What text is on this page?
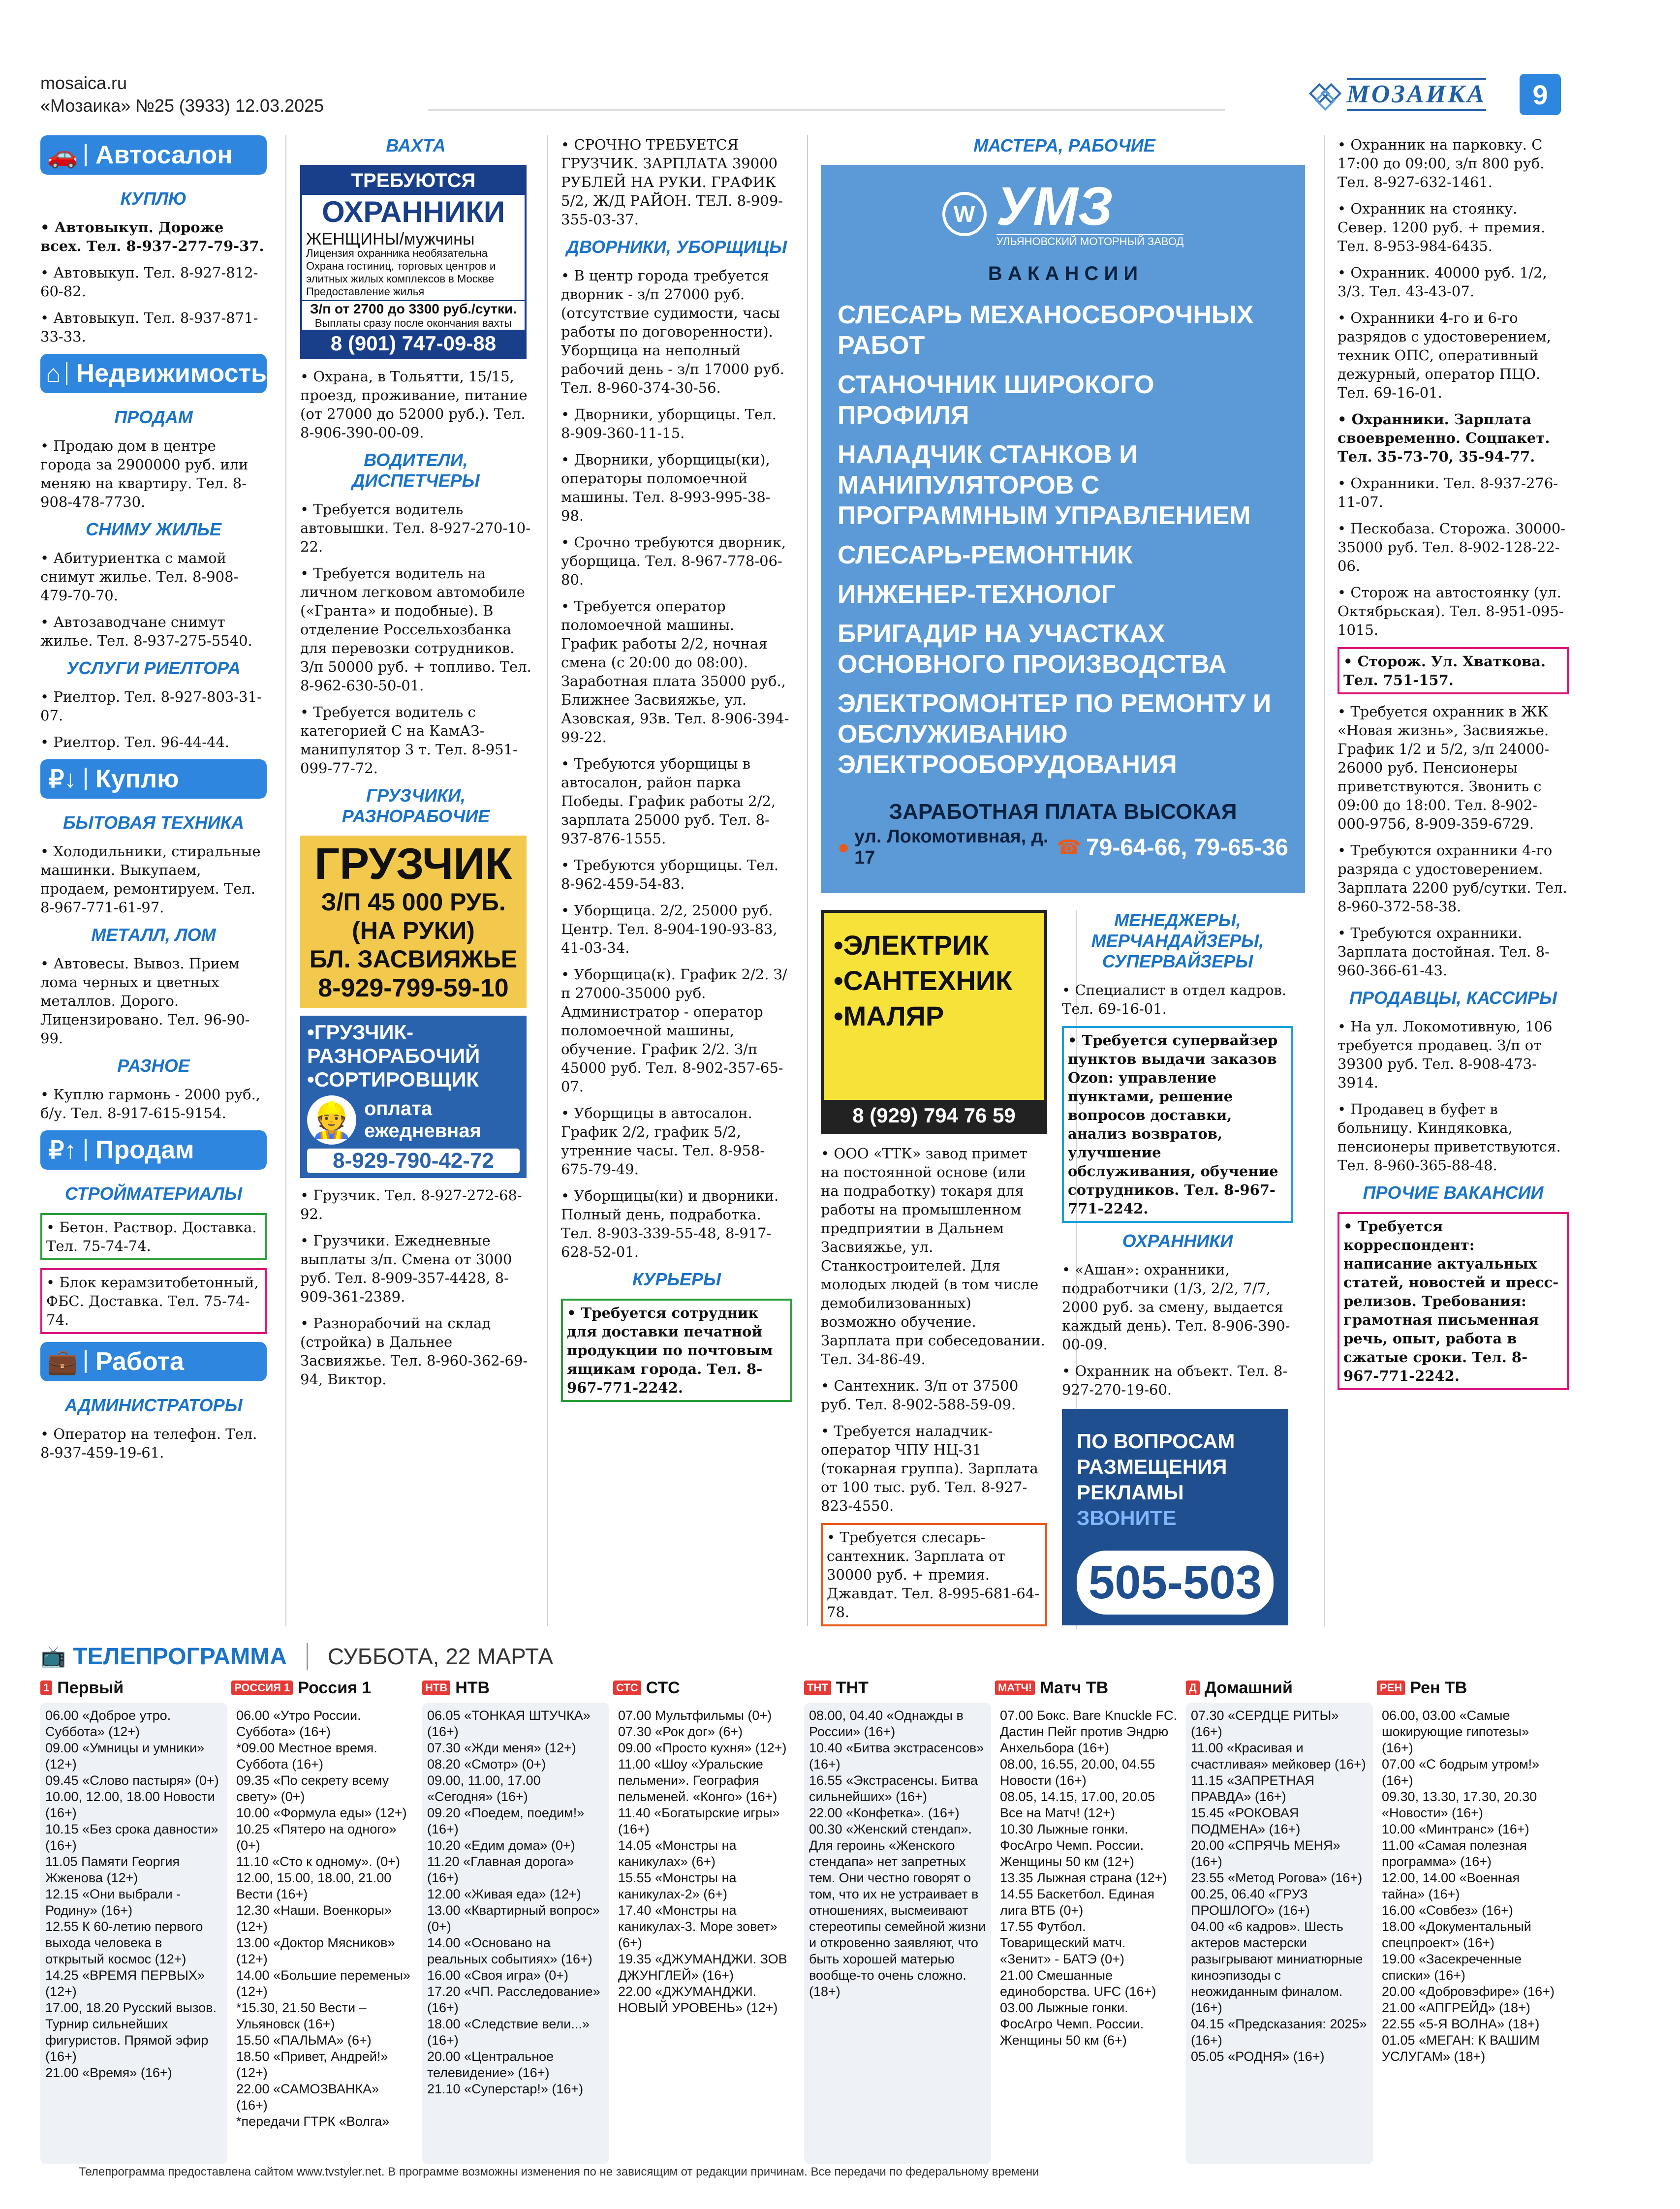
mosaica.ru
«Мозаика» №25 (3933) 12.03.2025	МОЗАИКА	9
🚗 Автосалон
КУПЛЮ
• Автовыкуп. Дороже всех. Тел. 8-937-277-79-37.
• Автовыкуп. Тел. 8-927-812-60-82.
• Автовыкуп. Тел. 8-937-871-33-33.
⌂ Недвижимость
ПРОДАМ
• Продаю дом в центре города за 2900000 руб. или меняю на квартиру. Тел. 8-908-478-7730.
СНИМУ ЖИЛЬЕ
• Абитуриентка с мамой снимут жилье. Тел. 8-908-479-70-70.
• Автозаводчане снимут жилье. Тел. 8-937-275-5540.
УСЛУГИ РИЕЛТОРА
• Риелтор. Тел. 8-927-803-31-07.
• Риелтор. Тел. 96-44-44.
₽↓ Куплю
БЫТОВАЯ ТЕХНИКА
• Холодильники, стиральные машинки. Выкупаем, продаем, ремонтируем. Тел. 8-967-771-61-97.
МЕТАЛЛ, ЛОМ
• Автовесы. Вывоз. Прием лома черных и цветных металлов. Дорого. Лицензировано. Тел. 96-90-99.
РАЗНОЕ
• Куплю гармонь - 2000 руб., б/у. Тел. 8-917-615-9154.
₽↑ Продам
СТРОЙМАТЕРИАЛЫ
• Бетон. Раствор. Доставка. Тел. 75-74-74.
• Блок керамзитобетонный, ФБС. Доставка. Тел. 75-74-74.
💼 Работа
АДМИНИСТРАТОРЫ
• Оператор на телефон. Тел. 8-937-459-19-61.
ВАХТА
ТРЕБУЮТСЯ
ОХРАННИКИ
ЖЕНЩИНЫ/мужчины
Лицензия охранника необязательна
Охрана гостиниц, торговых центров и элитных жилых комплексов в Москве
Предоставление жилья
З/п от 2700 до 3300 руб./сутки.
Выплаты сразу после окончания вахты
8 (901) 747-09-88
• Охрана, в Тольятти, 15/15, проезд, проживание, питание (от 27000 до 52000 руб.). Тел. 8-906-390-00-09.
ВОДИТЕЛИ, ДИСПЕТЧЕРЫ
• Требуется водитель автовышки. Тел. 8-927-270-10-22.
• Требуется водитель на личном легковом автомобиле («Гранта» и подобные). В отделение Россельхозбанка для перевозки сотрудников. З/п 50000 руб. + топливо. Тел. 8-962-630-50-01.
• Требуется водитель с категорией С на КамАЗ-манипулятор 3 т. Тел. 8-951-099-77-72.
ГРУЗЧИКИ, РАЗНОРАБОЧИЕ
ГРУЗЧИК
З/П 45 000 РУБ.
(НА РУКИ)
БЛ. ЗАСВИЯЖЬЕ
8-929-799-59-10
•ГРУЗЧИК-
РАЗНОРАБОЧИЙ
•СОРТИРОВЩИК
👷 оплата
ежедневная
8-929-790-42-72
• Грузчик. Тел. 8-927-272-68-92.
• Грузчики. Ежедневные выплаты з/п. Смена от 3000 руб. Тел. 8-909-357-4428, 8-909-361-2389.
• Разнорабочий на склад (стройка) в Дальнее Засвияжье. Тел. 8-960-362-69-94, Виктор.
• СРОЧНО ТРЕБУЕТСЯ ГРУЗЧИК. ЗАРПЛАТА 39000 РУБЛЕЙ НА РУКИ. ГРАФИК 5/2, Ж/Д РАЙОН. ТЕЛ. 8-909-355-03-37.
ДВОРНИКИ, УБОРЩИЦЫ
• В центр города требуется дворник - з/п 27000 руб. (отсутствие судимости, часы работы по договоренности). Уборщица на неполный рабочий день - з/п 17000 руб. Тел. 8-960-374-30-56.
• Дворники, уборщицы. Тел. 8-909-360-11-15.
• Дворники, уборщицы(ки), операторы поломоечной машины. Тел. 8-993-995-38-98.
• Срочно требуются дворник, уборщица. Тел. 8-967-778-06-80.
• Требуется оператор поломоечной машины. График работы 2/2, ночная смена (с 20:00 до 08:00). Заработная плата 35000 руб., Ближнее Засвияжье, ул. Азовская, 93в. Тел. 8-906-394-99-22.
• Требуются уборщицы в автосалон, район парка Победы. График работы 2/2, зарплата 25000 руб. Тел. 8-937-876-1555.
• Требуются уборщицы. Тел. 8-962-459-54-83.
• Уборщица. 2/2, 25000 руб. Центр. Тел. 8-904-190-93-83, 41-03-34.
• Уборщица(к). График 2/2. З/п 27000-35000 руб. Администратор - оператор поломоечной машины, обучение. График 2/2. З/п 45000 руб. Тел. 8-902-357-65-07.
• Уборщицы в автосалон. График 2/2, график 5/2, утренние часы. Тел. 8-958-675-79-49.
• Уборщицы(ки) и дворники. Полный день, подработка. Тел. 8-903-339-55-48, 8-917-628-52-01.
КУРЬЕРЫ
• Требуется сотрудник для доставки печатной продукции по почтовым ящикам города. Тел. 8-967-771-2242.
МАСТЕРА, РАБОЧИЕ
W УМЗ
УЛЬЯНОВСКИЙ МОТОРНЫЙ ЗАВОД
В А К А Н С И И
СЛЕСАРЬ МЕХАНОСБОРОЧНЫХ РАБОТ
СТАНОЧНИК ШИРОКОГО ПРОФИЛЯ
НАЛАДЧИК СТАНКОВ И МАНИПУЛЯТОРОВ С ПРОГРАММНЫМ УПРАВЛЕНИЕМ
СЛЕСАРЬ-РЕМОНТНИК
ИНЖЕНЕР-ТЕХНОЛОГ
БРИГАДИР НА УЧАСТКАХ ОСНОВНОГО ПРОИЗВОДСТВА
ЭЛЕКТРОМОНТЕР ПО РЕМОНТУ И ОБСЛУЖИВАНИЮ ЭЛЕКТРООБОРУДОВАНИЯ
ЗАРАБОТНАЯ ПЛАТА ВЫСОКАЯ
● ул. Локомотивная, д. 17	☎ 79-64-66, 79-65-36
•ЭЛЕКТРИК
•САНТЕХНИК
•МАЛЯР
8 (929) 794 76 59
• ООО «ТТК» завод примет на постоянной основе (или на подработку) токаря для работы на промышленном предприятии в Дальнем Засвияжье, ул. Станкостроителей. Для молодых людей (в том числе демобилизованных) возможно обучение. Зарплата при собеседовании. Тел. 34-86-49.
• Сантехник. З/п от 37500 руб. Тел. 8-902-588-59-09.
• Требуется наладчик-оператор ЧПУ НЦ-31 (токарная группа). Зарплата от 100 тыс. руб. Тел. 8-927-823-4550.
• Требуется слесарь-сантехник. Зарплата от 30000 руб. + премия. Джавдат. Тел. 8-995-681-64-78.
МЕНЕДЖЕРЫ, МЕРЧАНДАЙЗЕРЫ, СУПЕРВАЙЗЕРЫ
• Специалист в отдел кадров. Тел. 69-16-01.
• Требуется супервайзер пунктов выдачи заказов Ozon: управление пунктами, решение вопросов доставки, анализ возвратов, улучшение обслуживания, обучение сотрудников. Тел. 8-967-771-2242.
ОХРАННИКИ
• «Ашан»: охранники, подработчики (1/3, 2/2, 7/7, 2000 руб. за смену, выдается каждый день). Тел. 8-906-390-00-09.
• Охранник на объект. Тел. 8-927-270-19-60.
ПО ВОПРОСАМ
РАЗМЕЩЕНИЯ
РЕКЛАМЫ ЗВОНИТЕ
505-503
• Охранник на парковку. С 17:00 до 09:00, з/п 800 руб. Тел. 8-927-632-1461.
• Охранник на стоянку. Север. 1200 руб. + премия. Тел. 8-953-984-6435.
• Охранник. 40000 руб. 1/2, 3/3. Тел. 43-43-07.
• Охранники 4-го и 6-го разрядов с удостоверением, техник ОПС, оперативный дежурный, оператор ПЦО. Тел. 69-16-01.
• Охранники. Зарплата своевременно. Соцпакет. Тел. 35-73-70, 35-94-77.
• Охранники. Тел. 8-937-276-11-07.
• Пескобаза. Сторожа. 30000-35000 руб. Тел. 8-902-128-22-06.
• Сторож на автостоянку (ул. Октябрьская). Тел. 8-951-095-1015.
• Сторож. Ул. Хваткова. Тел. 751-157.
• Требуется охранник в ЖК «Новая жизнь», Засвияжье. График 1/2 и 5/2, з/п 24000-26000 руб. Пенсионеры приветствуются. Звонить с 09:00 до 18:00. Тел. 8-902-000-9756, 8-909-359-6729.
• Требуются охранники 4-го разряда с удостоверением. Зарплата 2200 руб/сутки. Тел. 8-960-372-58-38.
• Требуются охранники. Зарплата достойная. Тел. 8-960-366-61-43.
ПРОДАВЦЫ, КАССИРЫ
• На ул. Локомотивную, 106 требуется продавец. З/п от 39300 руб. Тел. 8-908-473-3914.
• Продавец в буфет в больницу. Киндяковка, пенсионеры приветствуются. Тел. 8-960-365-88-48.
ПРОЧИЕ ВАКАНСИИ
• Требуется корреспондент: написание актуальных статей, новостей и пресс-релизов. Требования: грамотная письменная речь, опыт, работа в сжатые сроки. Тел. 8-967-771-2242.
📺 ТЕЛЕПРОГРАММА	СУББОТА, 22 МАРТА
1 Первый
06.00 «Доброе утро. Суббота» (12+)
09.00 «Умницы и умники» (12+)
09.45 «Слово пастыря» (0+)
10.00, 12.00, 18.00 Новости (16+)
10.15 «Без срока давности» (16+)
11.05 Памяти Георгия Жженова (12+)
12.15 «Они выбрали - Родину» (16+)
12.55 К 60-летию первого выхода человека в открытый космос (12+)
14.25 «ВРЕМЯ ПЕРВЫХ» (12+)
17.00, 18.20 Русский вызов. Турнир сильнейших фигуристов. Прямой эфир (16+)
21.00 «Время» (16+)
РОССИЯ 1 Россия 1
06.00 «Утро России. Суббота» (16+)
*09.00 Местное время. Суббота (16+)
09.35 «По секрету всему свету» (0+)
10.00 «Формула еды» (12+)
10.25 «Пятеро на одного» (0+)
11.10 «Сто к одному». (0+)
12.00, 15.00, 18.00, 21.00 Вести (16+)
12.30 «Наши. Военкоры» (12+)
13.00 «Доктор Мясников» (12+)
14.00 «Большие перемены» (12+)
*15.30, 21.50 Вести – Ульяновск (16+)
15.50 «ПАЛЬМА» (6+)
18.50 «Привет, Андрей!» (12+)
22.00 «САМОЗВАНКА» (16+)
*передачи ГТРК «Волга»
НТВ НТВ
06.05 «ТОНКАЯ ШТУЧКА» (16+)
07.30 «Жди меня» (12+)
08.20 «Смотр» (0+)
09.00, 11.00, 17.00 «Сегодня» (16+)
09.20 «Поедем, поедим!» (16+)
10.20 «Едим дома» (0+)
11.20 «Главная дорога» (16+)
12.00 «Живая еда» (12+)
13.00 «Квартирный вопрос» (0+)
14.00 «Основано на реальных событиях» (16+)
16.00 «Своя игра» (0+)
17.20 «ЧП. Расследование» (16+)
18.00 «Следствие вели...» (16+)
20.00 «Центральное телевидение» (16+)
21.10 «Суперстар!» (16+)
СТС СТС
07.00 Мультфильмы (0+)
07.30 «Рок дог» (6+)
09.00 «Просто кухня» (12+)
11.00 «Шоу «Уральские пельмени». География пельменей. «Конго» (16+)
11.40 «Богатырские игры» (16+)
14.05 «Монстры на каникулах» (6+)
15.55 «Монстры на каникулах-2» (6+)
17.40 «Монстры на каникулах-3. Море зовет» (6+)
19.35 «ДЖУМАНДЖИ. ЗОВ ДЖУНГЛЕЙ» (16+)
22.00 «ДЖУМАНДЖИ. НОВЫЙ УРОВЕНЬ» (12+)
ТНТ ТНТ
08.00, 04.40 «Однажды в России» (16+)
10.40 «Битва экстрасенсов» (16+)
16.55 «Экстрасенсы. Битва сильнейших» (16+)
22.00 «Конфетка». (16+)
00.30 «Женский стендап». Для героинь «Женского стендапа» нет запретных тем. Они честно говорят о том, что их не устраивает в отношениях, высмеивают стереотипы семейной жизни и откровенно заявляют, что быть хорошей матерью вообще-то очень сложно. (18+)
МАТЧ! Матч ТВ
07.00 Бокс. Bare Knuckle FC. Дастин Пейг против Эндрю Анхельбора (16+)
08.00, 16.55, 20.00, 04.55 Новости (16+)
08.05, 14.15, 17.00, 20.05 Все на Матч! (12+)
10.30 Лыжные гонки. ФосАгро Чемп. России. Женщины 50 км (12+)
13.35 Лыжная страна (12+)
14.55 Баскетбол. Единая лига ВТБ (0+)
17.55 Футбол. Товарищеский матч. «Зенит» - БАТЭ (0+)
21.00 Смешанные единоборства. UFC (16+)
03.00 Лыжные гонки. ФосАгро Чемп. России. Женщины 50 км (6+)
Д Домашний
07.30 «СЕРДЦЕ РИТЫ» (16+)
11.00 «Красивая и счастливая» мейковер (16+)
11.15 «ЗАПРЕТНАЯ ПРАВДА» (16+)
15.45 «РОКОВАЯ ПОДМЕНА» (16+)
20.00 «СПРЯЧЬ МЕНЯ» (16+)
23.55 «Метод Рогова» (16+)
00.25, 06.40 «ГРУЗ ПРОШЛОГО» (16+)
04.00 «6 кадров». Шесть актеров мастерски разыгрывают миниатюрные киноэпизоды с неожиданным финалом. (16+)
04.15 «Предсказания: 2025» (16+)
05.05 «РОДНЯ» (16+)
РЕН Рен ТВ
06.00, 03.00 «Самые шокирующие гипотезы» (16+)
07.00 «С бодрым утром!» (16+)
09.30, 13.30, 17.30, 20.30 «Новости» (16+)
10.00 «Минтранс» (16+)
11.00 «Самая полезная программа» (16+)
12.00, 14.00 «Военная тайна» (16+)
16.00 «Совбез» (16+)
18.00 «Документальный спецпроект» (16+)
19.00 «Засекреченные списки» (16+)
20.00 «Добровэфире» (16+)
21.00 «АПГРЕЙД» (18+)
22.55 «5-Я ВОЛНА» (18+)
01.05 «МЕГАН: К ВАШИМ УСЛУГАМ» (18+)
Телепрограмма предоставлена сайтом www.tvstyler.net. В программе возможны изменения по не зависящим от редакции причинам. Все передачи по федеральному времени
